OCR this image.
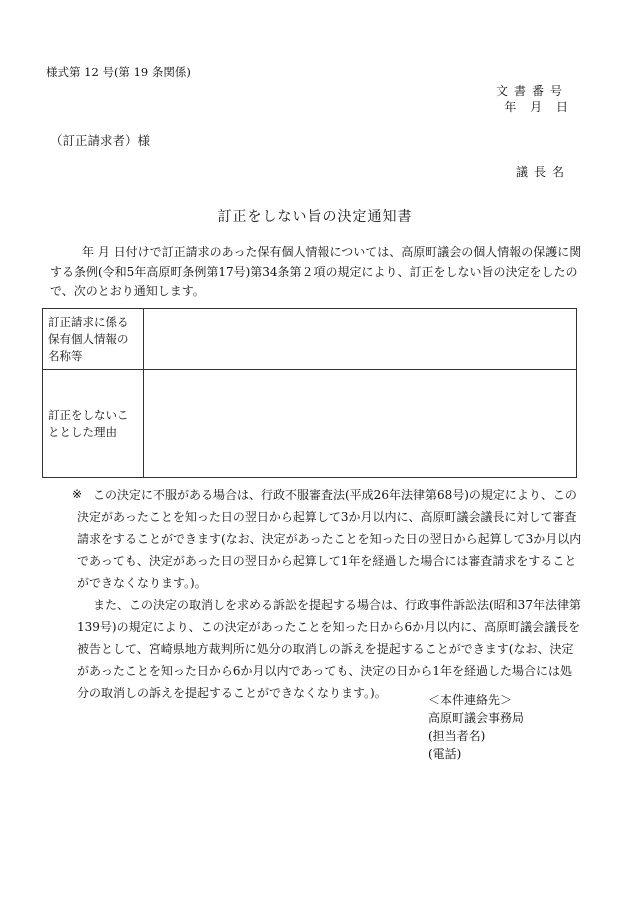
様式第 12 号(第 19 条関係)
文書番号
年 月 日
（訂正請求者）様
議長名
訂正をしない旨の決定通知書
年 月 日付けで訂正請求のあった保有個人情報については、高原町議会の個人情報の保護に関する条例(令和5年高原町条例第17号)第34条第２項の規定により、訂正をしない旨の決定をしたので、次のとおり通知します。
訂正請求に係る保有個人情報の名称等	
訂正をしないこととした理由	
※ この決定に不服がある場合は、行政不服審査法(平成26年法律第68号)の規定により、この決定があったことを知った日の翌日から起算して3か月以内に、高原町議会議長に対して審査請求をすることができます(なお、決定があったことを知った日の翌日から起算して3か月以内であっても、決定があった日の翌日から起算して1年を経過した場合には審査請求をすることができなくなります。)。

また、この決定の取消しを求める訴訟を提起する場合は、行政事件訴訟法(昭和37年法律第139号)の規定により、この決定があったことを知った日から6か月以内に、高原町議会議長を被告として、宮崎県地方裁判所に処分の取消しの訴えを提起することができます(なお、決定があったことを知った日から6か月以内であっても、決定の日から1年を経過した場合には処分の取消しの訴えを提起することができなくなります。)。	＜本件連絡先＞
高原町議会事務局
(担当者名)
(電話)
